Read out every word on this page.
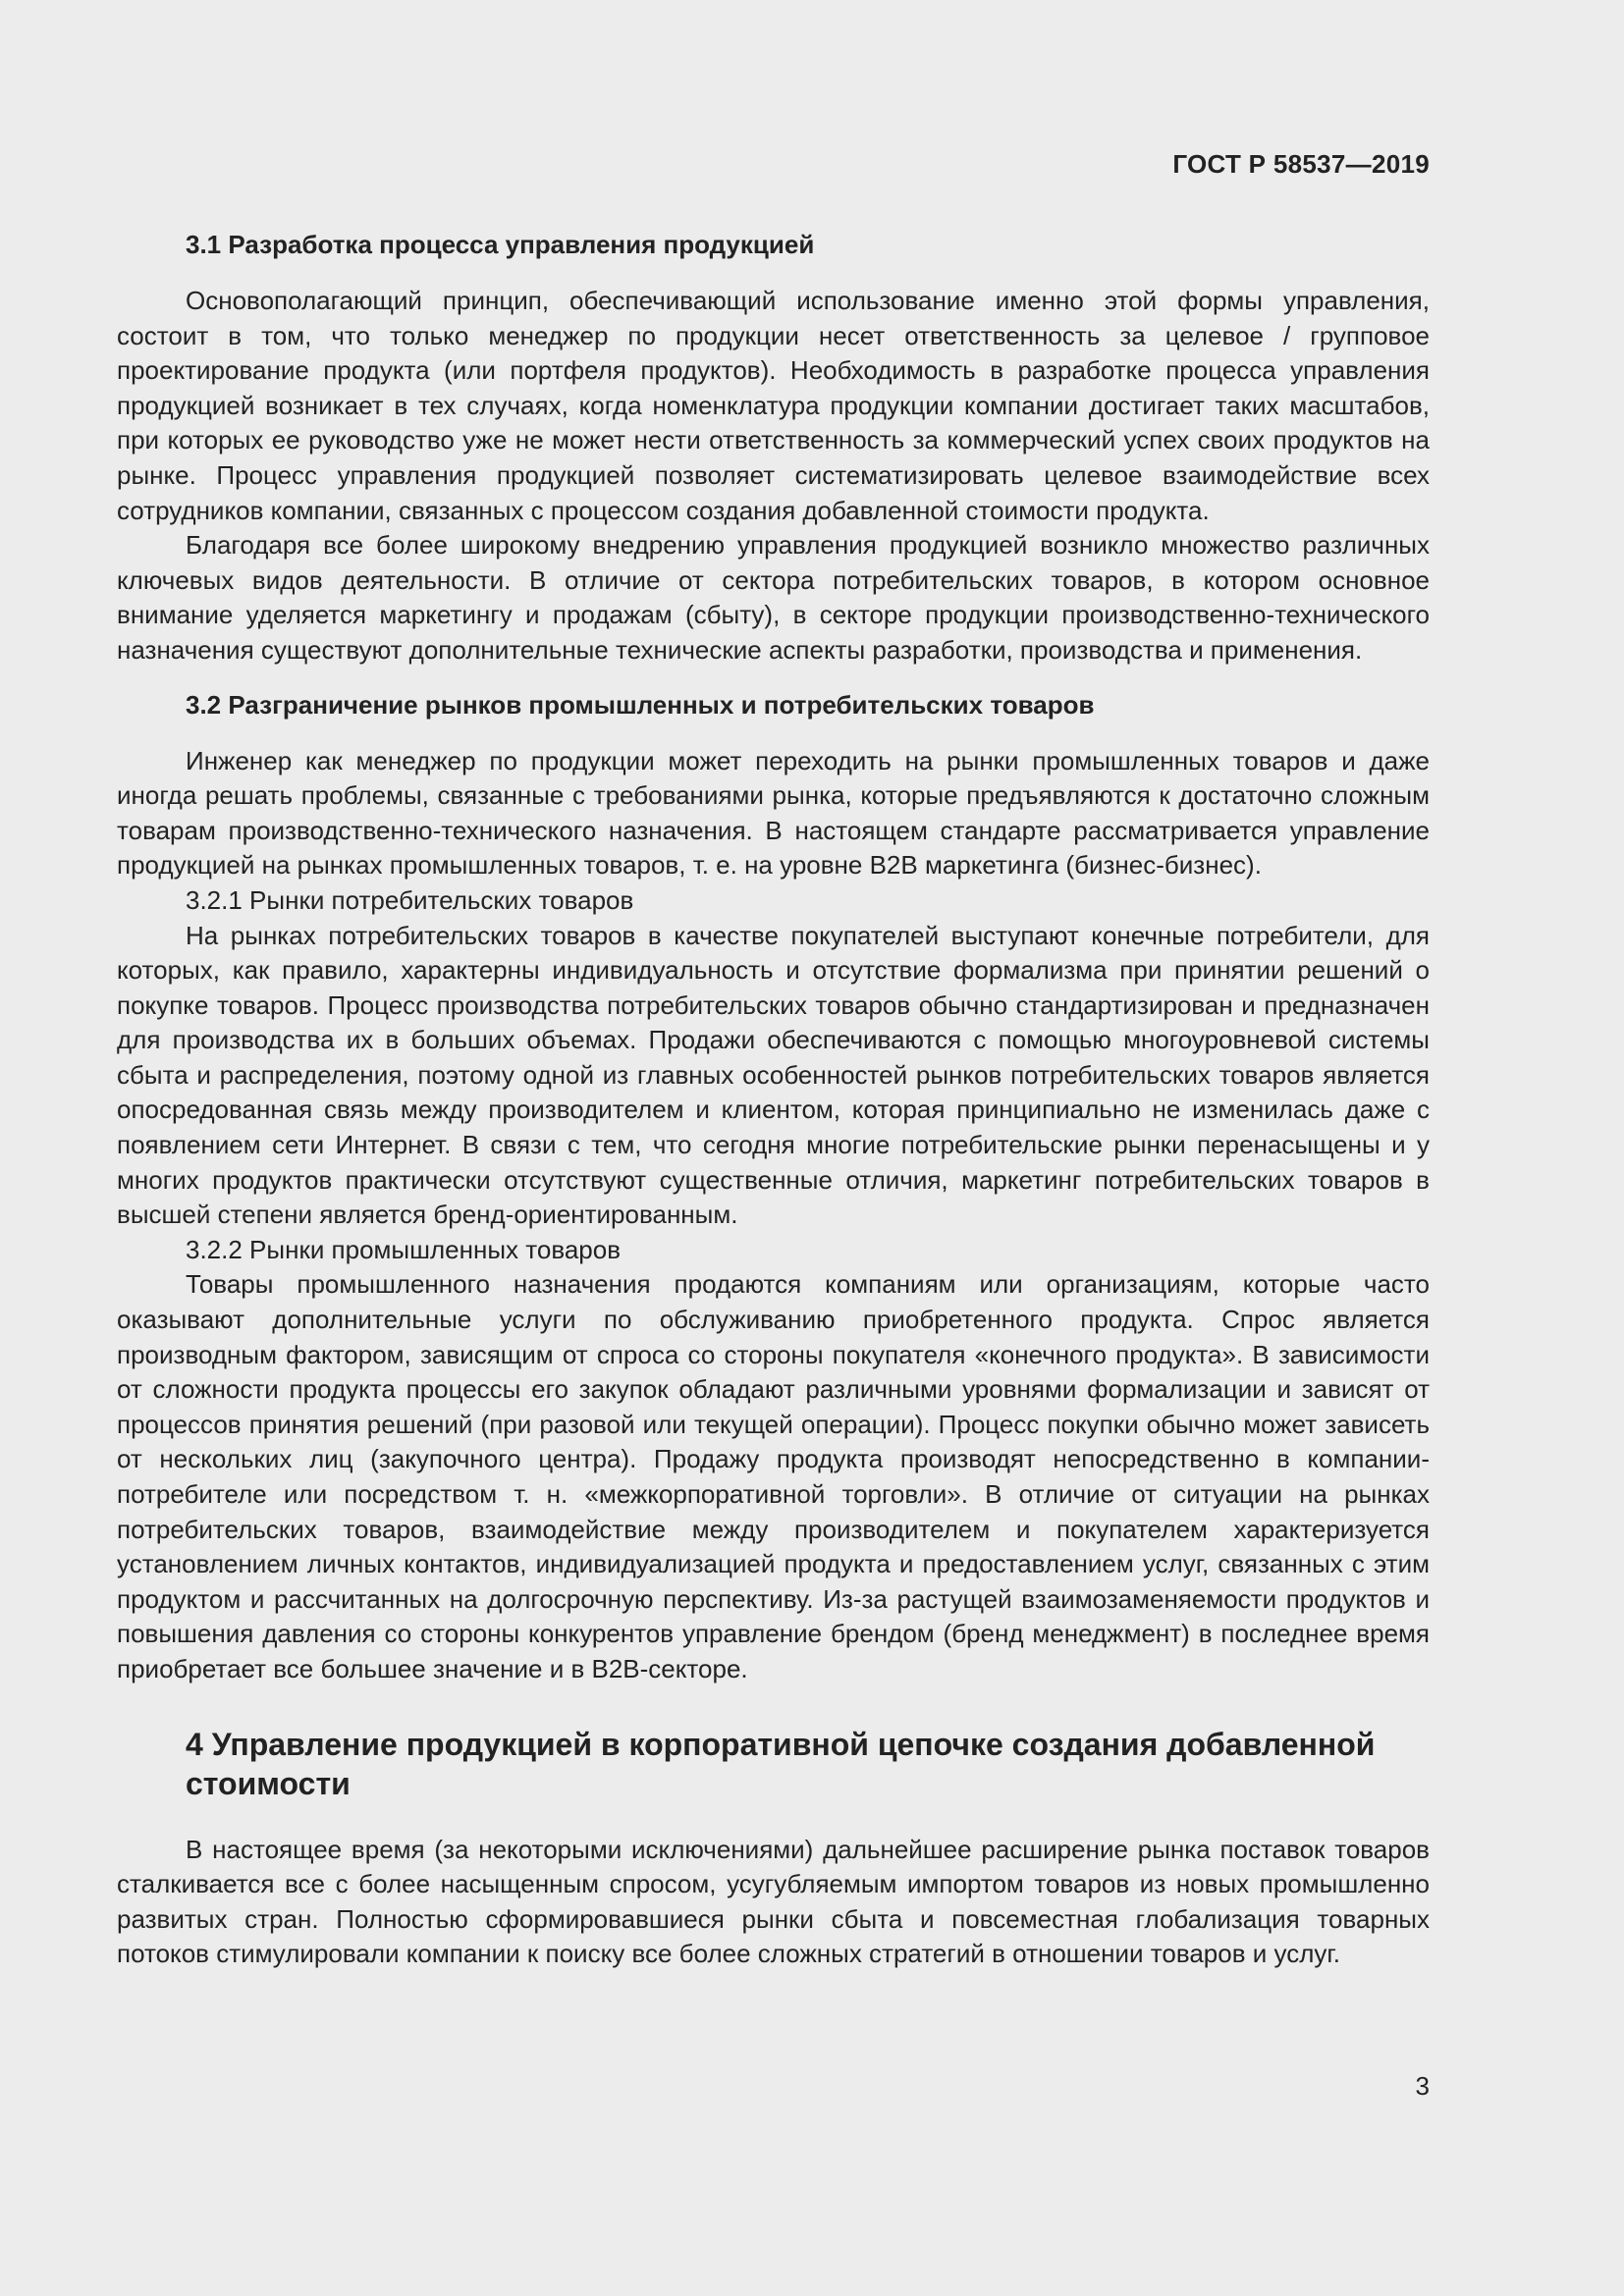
ГОСТ Р 58537—2019
3.1 Разработка процесса управления продукцией

Основополагающий принцип, обеспечивающий использование именно этой формы управления, состоит в том, что только менеджер по продукции несет ответственность за целевое / групповое проектирование продукта (или портфеля продуктов). Необходимость в разработке процесса управления продукцией возникает в тех случаях, когда номенклатура продукции компании достигает таких масштабов, при которых ее руководство уже не может нести ответственность за коммерческий успех своих продуктов на рынке. Процесс управления продукцией позволяет систематизировать целевое взаимодействие всех сотрудников компании, связанных с процессом создания добавленной стоимости продукта.

Благодаря все более широкому внедрению управления продукцией возникло множество различных ключевых видов деятельности. В отличие от сектора потребительских товаров, в котором основное внимание уделяется маркетингу и продажам (сбыту), в секторе продукции производственно-технического назначения существуют дополнительные технические аспекты разработки, производства и применения.

3.2 Разграничение рынков промышленных и потребительских товаров

Инженер как менеджер по продукции может переходить на рынки промышленных товаров и даже иногда решать проблемы, связанные с требованиями рынка, которые предъявляются к достаточно сложным товарам производственно-технического назначения. В настоящем стандарте рассматривается управление продукцией на рынках промышленных товаров, т. е. на уровне B2B маркетинга (бизнес-бизнес).

3.2.1 Рынки потребительских товаров

На рынках потребительских товаров в качестве покупателей выступают конечные потребители, для которых, как правило, характерны индивидуальность и отсутствие формализма при принятии решений о покупке товаров. Процесс производства потребительских товаров обычно стандартизирован и предназначен для производства их в больших объемах. Продажи обеспечиваются с помощью многоуровневой системы сбыта и распределения, поэтому одной из главных особенностей рынков потребительских товаров является опосредованная связь между производителем и клиентом, которая принципиально не изменилась даже с появлением сети Интернет. В связи с тем, что сегодня многие потребительские рынки перенасыщены и у многих продуктов практически отсутствуют существенные отличия, маркетинг потребительских товаров в высшей степени является бренд-ориентированным.

3.2.2 Рынки промышленных товаров

Товары промышленного назначения продаются компаниям или организациям, которые часто оказывают дополнительные услуги по обслуживанию приобретенного продукта. Спрос является производным фактором, зависящим от спроса со стороны покупателя «конечного продукта». В зависимости от сложности продукта процессы его закупок обладают различными уровнями формализации и зависят от процессов принятия решений (при разовой или текущей операции). Процесс покупки обычно может зависеть от нескольких лиц (закупочного центра). Продажу продукта производят непосредственно в компании-потребителе или посредством т. н. «межкорпоративной торговли». В отличие от ситуации на рынках потребительских товаров, взаимодействие между производителем и покупателем характеризуется установлением личных контактов, индивидуализацией продукта и предоставлением услуг, связанных с этим продуктом и рассчитанных на долгосрочную перспективу. Из-за растущей взаимозаменяемости продуктов и повышения давления со стороны конкурентов управление брендом (бренд менеджмент) в последнее время приобретает все большее значение и в B2B-секторе.

4 Управление продукцией в корпоративной цепочке создания добавленной стоимости

В настоящее время (за некоторыми исключениями) дальнейшее расширение рынка поставок товаров сталкивается все с более насыщенным спросом, усугубляемым импортом товаров из новых промышленно развитых стран. Полностью сформировавшиеся рынки сбыта и повсеместная глобализация товарных потоков стимулировали компании к поиску все более сложных стратегий в отношении товаров и услуг.

3
